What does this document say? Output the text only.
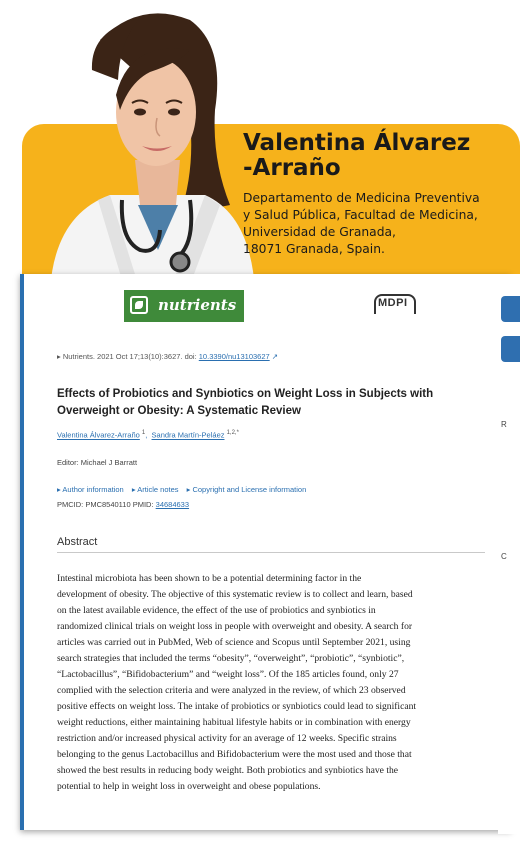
Valentina Álvarez
-Arraño
Departamento de Medicina Preventiva
y Salud Pública, Facultad de Medicina,
Universidad de Granada,
18071 Granada, Spain.
R
C
nutrients	MDPI
▸ Nutrients. 2021 Oct 17;13(10):3627. doi: 10.3390/nu13103627 ↗
Effects of Probiotics and Synbiotics on Weight Loss in Subjects with Overweight or Obesity: A Systematic Review
Valentina Álvarez-Arraño $^1$,  Sandra Martín-Peláez $^{1,2,*}$
Editor: Michael J Barratt
▸ Author information ▸ Article notes ▸ Copyright and License information
PMCID: PMC8540110 PMID: 34684633
Abstract
Intestinal microbiota has been shown to be a potential determining factor in the
development of obesity. The objective of this systematic review is to collect and learn, based
on the latest available evidence, the effect of the use of probiotics and synbiotics in
randomized clinical trials on weight loss in people with overweight and obesity. A search for
articles was carried out in PubMed, Web of science and Scopus until September 2021, using
search strategies that included the terms “obesity”, “overweight”, “probiotic”, “synbiotic”,
“Lactobacillus”, “Bifidobacterium” and “weight loss”. Of the 185 articles found, only 27
complied with the selection criteria and were analyzed in the review, of which 23 observed
positive effects on weight loss. The intake of probiotics or synbiotics could lead to significant
weight reductions, either maintaining habitual lifestyle habits or in combination with energy
restriction and/or increased physical activity for an average of 12 weeks. Specific strains
belonging to the genus Lactobacillus and Bifidobacterium were the most used and those that
showed the best results in reducing body weight. Both probiotics and synbiotics have the
potential to help in weight loss in overweight and obese populations.
